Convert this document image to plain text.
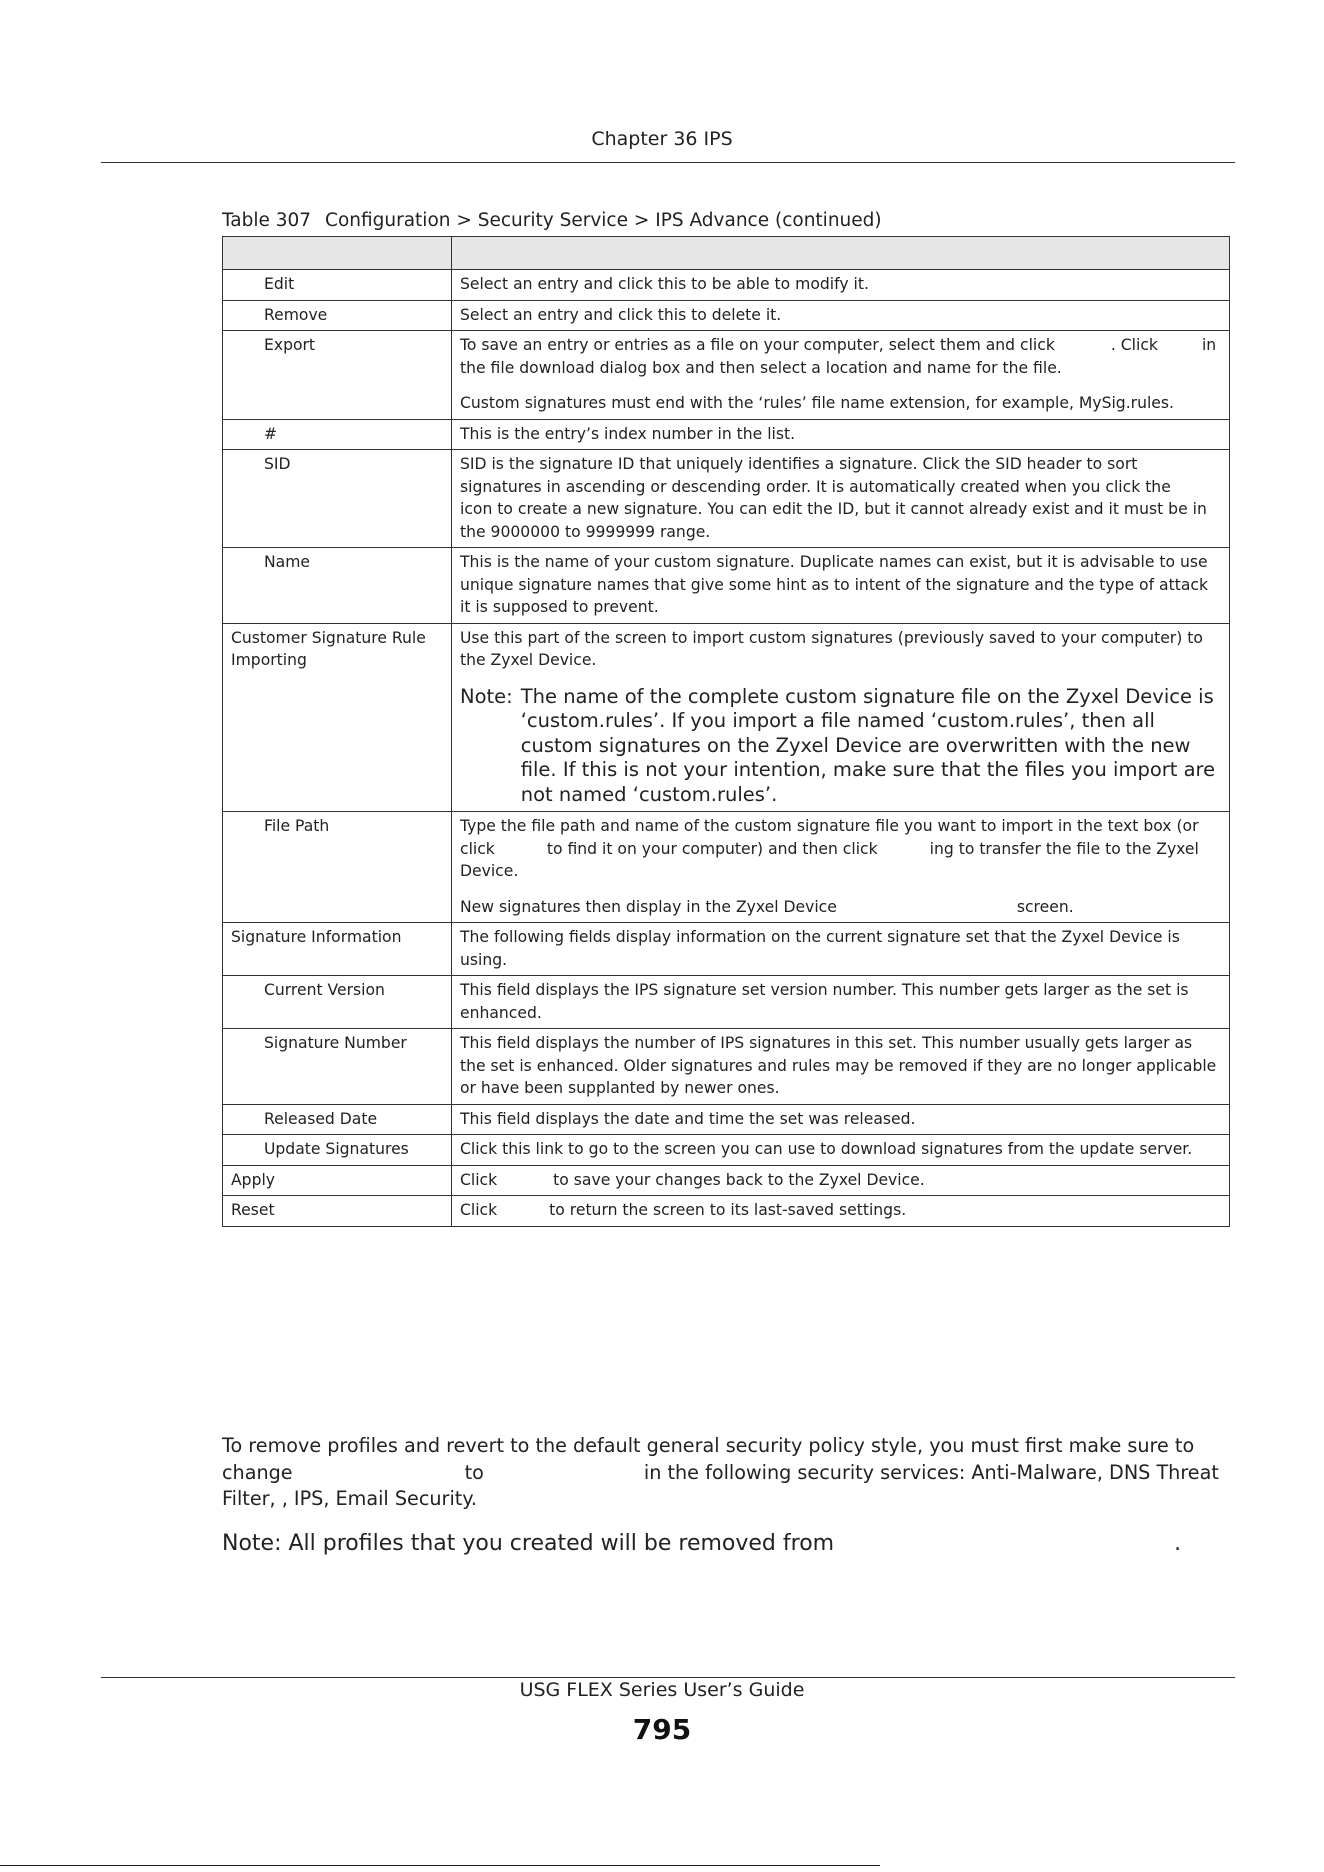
Chapter 36 IPS
Table 307 Configuration > Security Service > IPS Advance (continued)

Edit	Select an entry and click this to be able to modify it.
Remove	Select an entry and click this to delete it.
Export	To save an entry or entries as a file on your computer, select them and click . Click in the file download dialog box and then select a location and name for the file.

Custom signatures must end with the ‘rules’ file name extension, for example, MySig.rules.

#	This is the entry’s index number in the list.
SID	SID is the signature ID that uniquely identifies a signature. Click the SID header to sort signatures in ascending or descending order. It is automatically created when you click theicon to create a new signature. You can edit the ID, but it cannot already exist and it must be in the 9000000 to 9999999 range.
Name	This is the name of your custom signature. Duplicate names can exist, but it is advisable to use unique signature names that give some hint as to intent of the signature and the type of attack it is supposed to prevent.
Customer Signature Rule Importing	Use this part of the screen to import custom signatures (previously saved to your computer) to the Zyxel Device.

Note: The name of the complete custom signature file on the Zyxel Device is ‘custom.rules’. If you import a file named ‘custom.rules’, then all custom signatures on the Zyxel Device are overwritten with the new file. If this is not your intention, make sure that the files you import are not named ‘custom.rules’.

File Path	Type the file path and name of the custom signature file you want to import in the text box (or click to find it on your computer) and then click ing to transfer the file to the Zyxel Device.

New signatures then display in the Zyxel Device screen.

Signature Information	The following fields display information on the current signature set that the Zyxel Device is using.
Current Version	This field displays the IPS signature set version number. This number gets larger as the set is enhanced.
Signature Number	This field displays the number of IPS signatures in this set. This number usually gets larger as the set is enhanced. Older signatures and rules may be removed if they are no longer applicable or have been supplanted by newer ones.
Released Date	This field displays the date and time the set was released.
Update Signatures	Click this link to go to the screen you can use to download signatures from the update server.
Apply	Click to save your changes back to the Zyxel Device.
Reset	Click to return the screen to its last-saved settings.
To remove profiles and revert to the default general security policy style, you must first make sure to change	to	in the following security services: Anti-Malware, DNS Threat Filter, , IPS, Email Security.
Note: All profiles that you created will be removed from	.
USG FLEX Series User’s Guide
795
